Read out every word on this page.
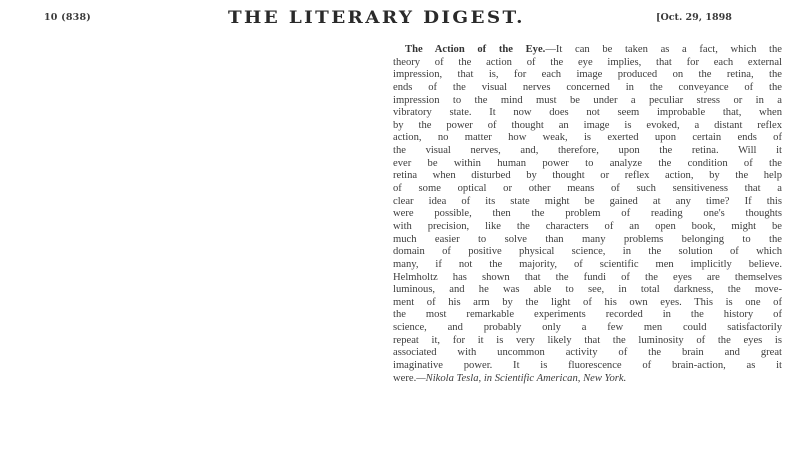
10 (838)	THE LITERARY DIGEST.	[Oct. 29, 1898
The Action of the Eye.—It can be taken as a fact, which the
theory of the action of the eye implies, that for each external
impression, that is, for each image produced on the retina, the
ends of the visual nerves concerned in the conveyance of the
impression to the mind must be under a peculiar stress or in a
vibratory state. It now does not seem improbable that, when
by the power of thought an image is evoked, a distant reflex
action, no matter how weak, is exerted upon certain ends of
the visual nerves, and, therefore, upon the retina. Will it
ever be within human power to analyze the condition of the
retina when disturbed by thought or reflex action, by the help
of some optical or other means of such sensitiveness that a
clear idea of its state might be gained at any time? If this
were possible, then the problem of reading one's thoughts
with precision, like the characters of an open book, might be
much easier to solve than many problems belonging to the
domain of positive physical science, in the solution of which
many, if not the majority, of scientific men implicitly believe.
Helmholtz has shown that the fundi of the eyes are themselves
luminous, and he was able to see, in total darkness, the move-
ment of his arm by the light of his own eyes. This is one of
the most remarkable experiments recorded in the history of
science, and probably only a few men could satisfactorily
repeat it, for it is very likely that the luminosity of the eyes is
associated with uncommon activity of the brain and great
imaginative power. It is fluorescence of brain-action, as it
were.—Nikola Tesla, in Scientific American, New York.
